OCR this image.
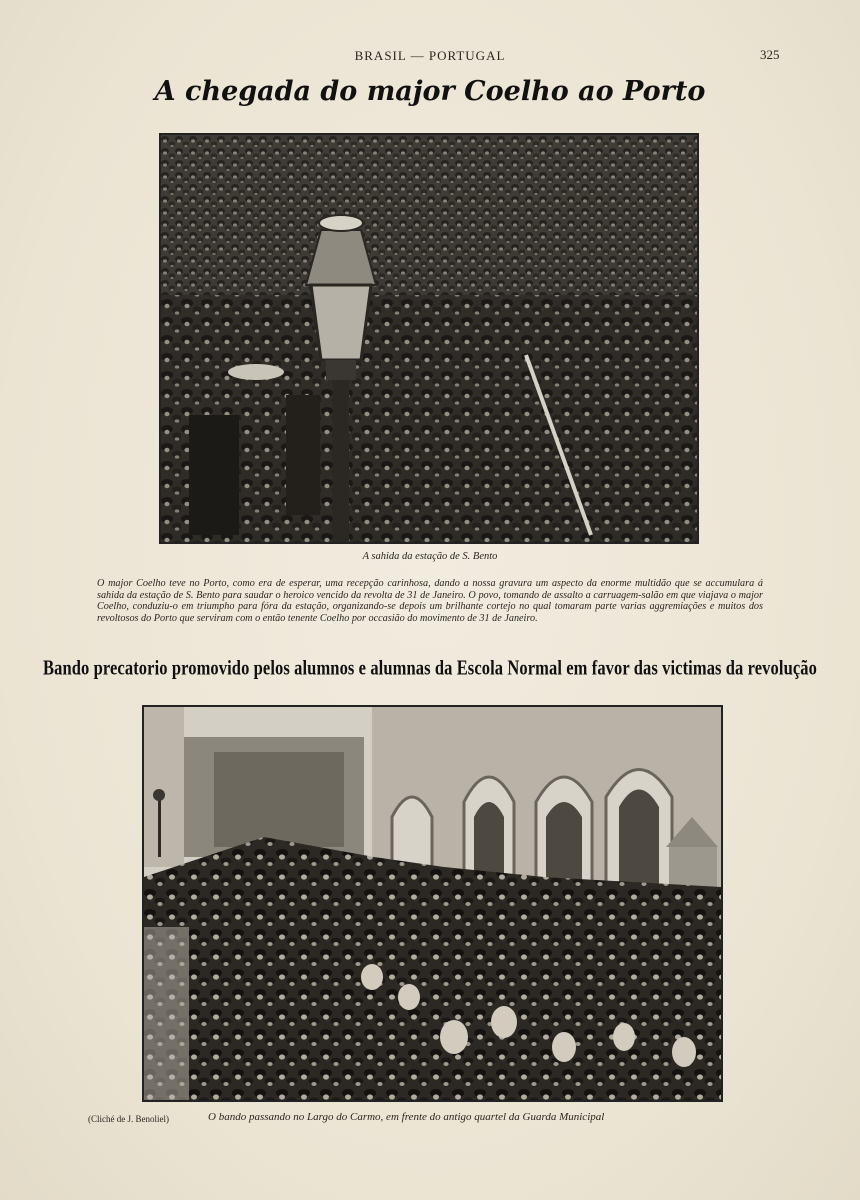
BRASIL — PORTUGAL	325
A chegada do major Coelho ao Porto
A sahida da estação de S. Bento
O major Coelho teve no Porto, como era de esperar, uma recepção carinhosa, dando a nossa gravura um aspecto da enorme multidão que se accumulara á sahida da estação de S. Bento para saudar o heroico vencido da revolta de 31 de Janeiro. O povo, tomando de assalto a carruagem-salão em que viajava o major Coelho, conduziu-o em triumpho para fóra da estação, organizando-se depois um brilhante cortejo no qual tomaram parte varias aggremiações e muitos dos revoltosos do Porto que serviram com o então tenente Coelho por occasião do movimento de 31 de Janeiro.
Bando precatorio promovido pelos alumnos e alumnas da Escola Normal em favor das victimas da revolução
(Cliché de J. Benoliel)	O bando passando no Largo do Carmo, em frente do antigo quartel da Guarda Municipal
